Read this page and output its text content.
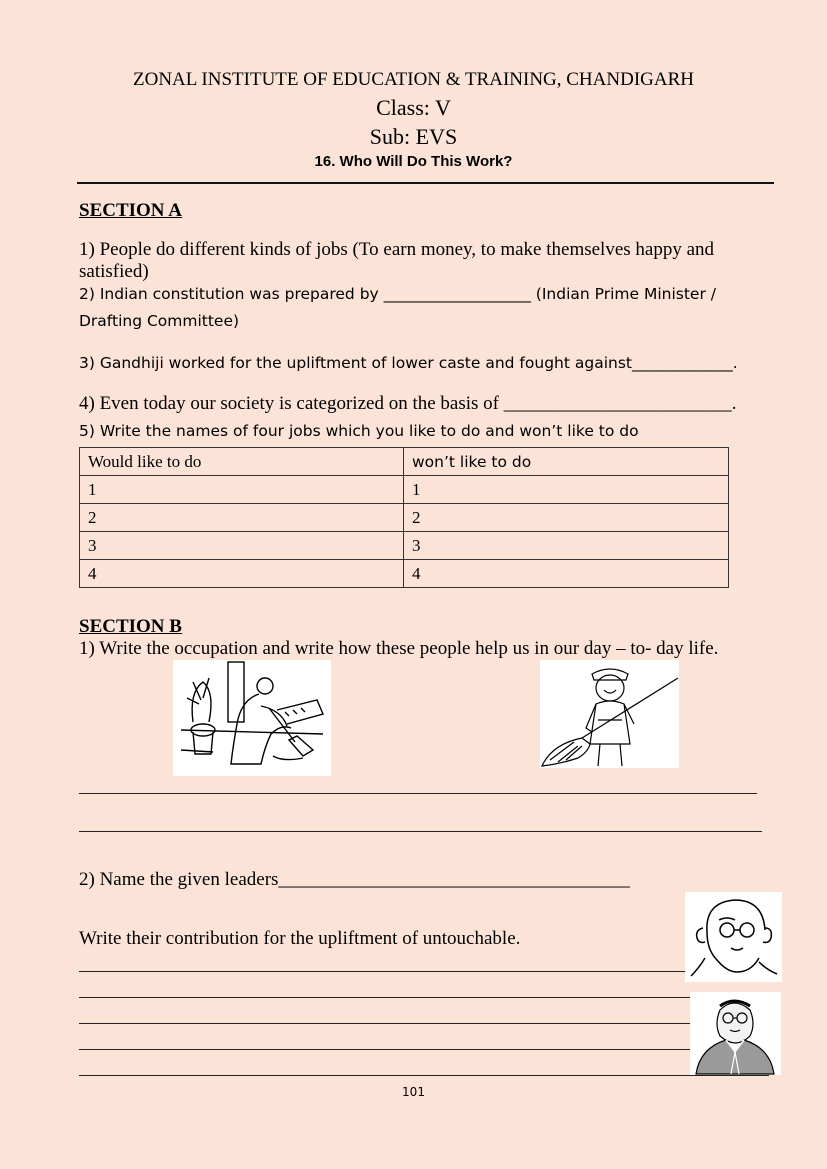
ZONAL INSTITUTE OF EDUCATION & TRAINING, CHANDIGARH
Class: V
Sub: EVS
16. Who Will Do This Work?
SECTION A
1) People do different kinds of jobs (To earn money, to make themselves happy and
satisfied)
2) Indian constitution was prepared by ___________________ (Indian Prime Minister /
Drafting Committee)
3) Gandhiji worked for the upliftment of lower caste and fought against_____________.
4) Even today our society is categorized on the basis of ________________________.
5) Write the names of four jobs which you like to do and won’t like to do
Would like to do	won’t like to do
1	1
2	2
3	3
4	4
SECTION B
1) Write the occupation and write how these people help us in our day – to- day life.
2) Name the given leaders_____________________________________
Write their contribution for the upliftment of untouchable.
101
